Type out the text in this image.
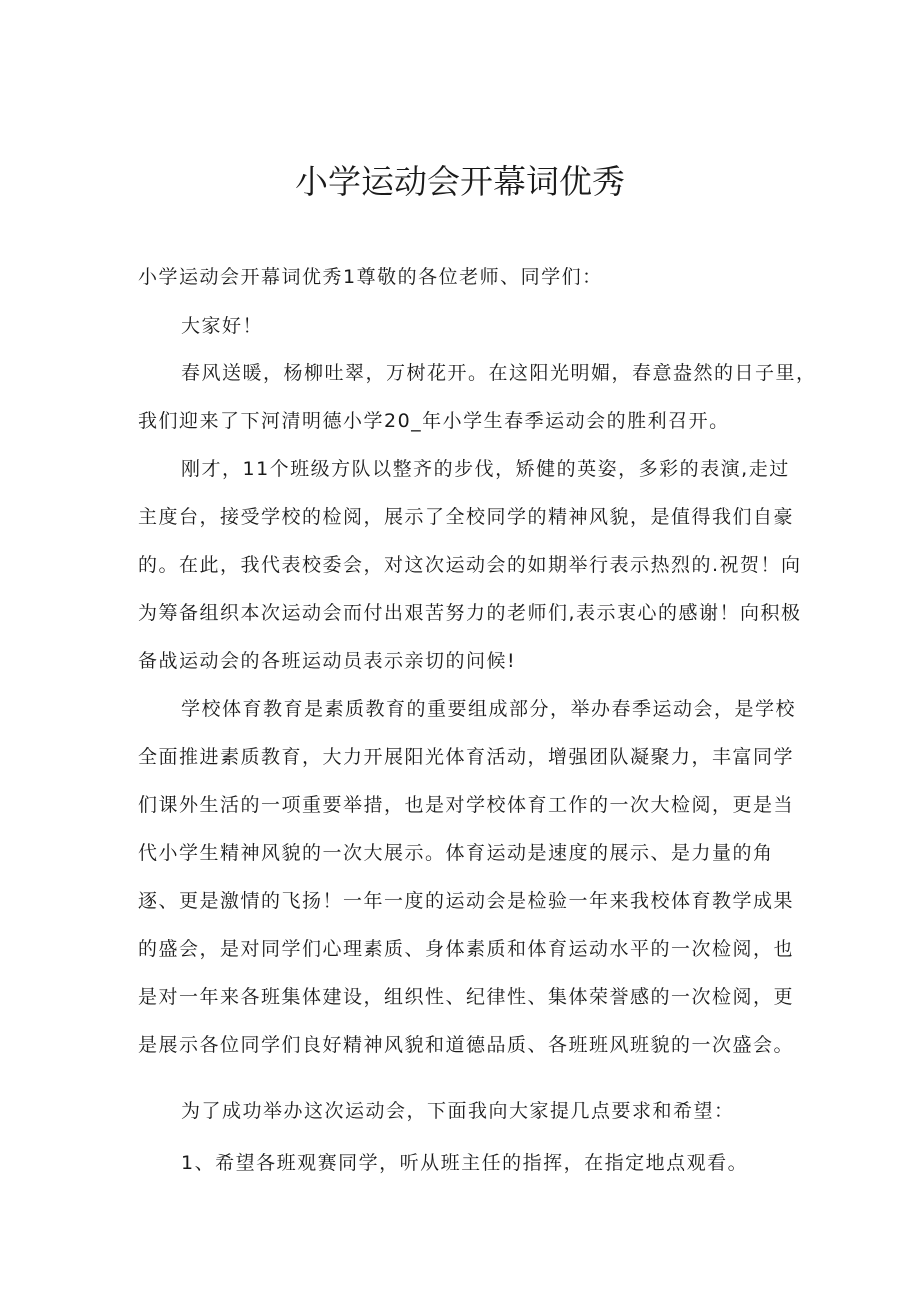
小学运动会开幕词优秀

小学运动会开幕词优秀1尊敬的各位老师、同学们：

大家好！

春风送暖，杨柳吐翠，万树花开。在这阳光明媚，春意盎然的日子里，

我们迎来了下河清明德小学20_年小学生春季运动会的胜利召开。

刚才，11个班级方队以整齐的步伐，矫健的英姿，多彩的表演,走过

主度台，接受学校的检阅，展示了全校同学的精神风貌，是值得我们自豪

的。在此，我代表校委会，对这次运动会的如期举行表示热烈的.祝贺！向

为筹备组织本次运动会而付出艰苦努力的老师们,表示衷心的感谢！向积极

备战运动会的各班运动员表示亲切的问候!

学校体育教育是素质教育的重要组成部分，举办春季运动会，是学校

全面推进素质教育，大力开展阳光体育活动，增强团队凝聚力，丰富同学

们课外生活的一项重要举措，也是对学校体育工作的一次大检阅，更是当

代小学生精神风貌的一次大展示。体育运动是速度的展示、是力量的角

逐、更是激情的飞扬！一年一度的运动会是检验一年来我校体育教学成果

的盛会，是对同学们心理素质、身体素质和体育运动水平的一次检阅，也

是对一年来各班集体建设，组织性、纪律性、集体荣誉感的一次检阅，更

是展示各位同学们良好精神风貌和道德品质、各班班风班貌的一次盛会。

为了成功举办这次运动会，下面我向大家提几点要求和希望：

1、希望各班观赛同学，听从班主任的指挥，在指定地点观看。
